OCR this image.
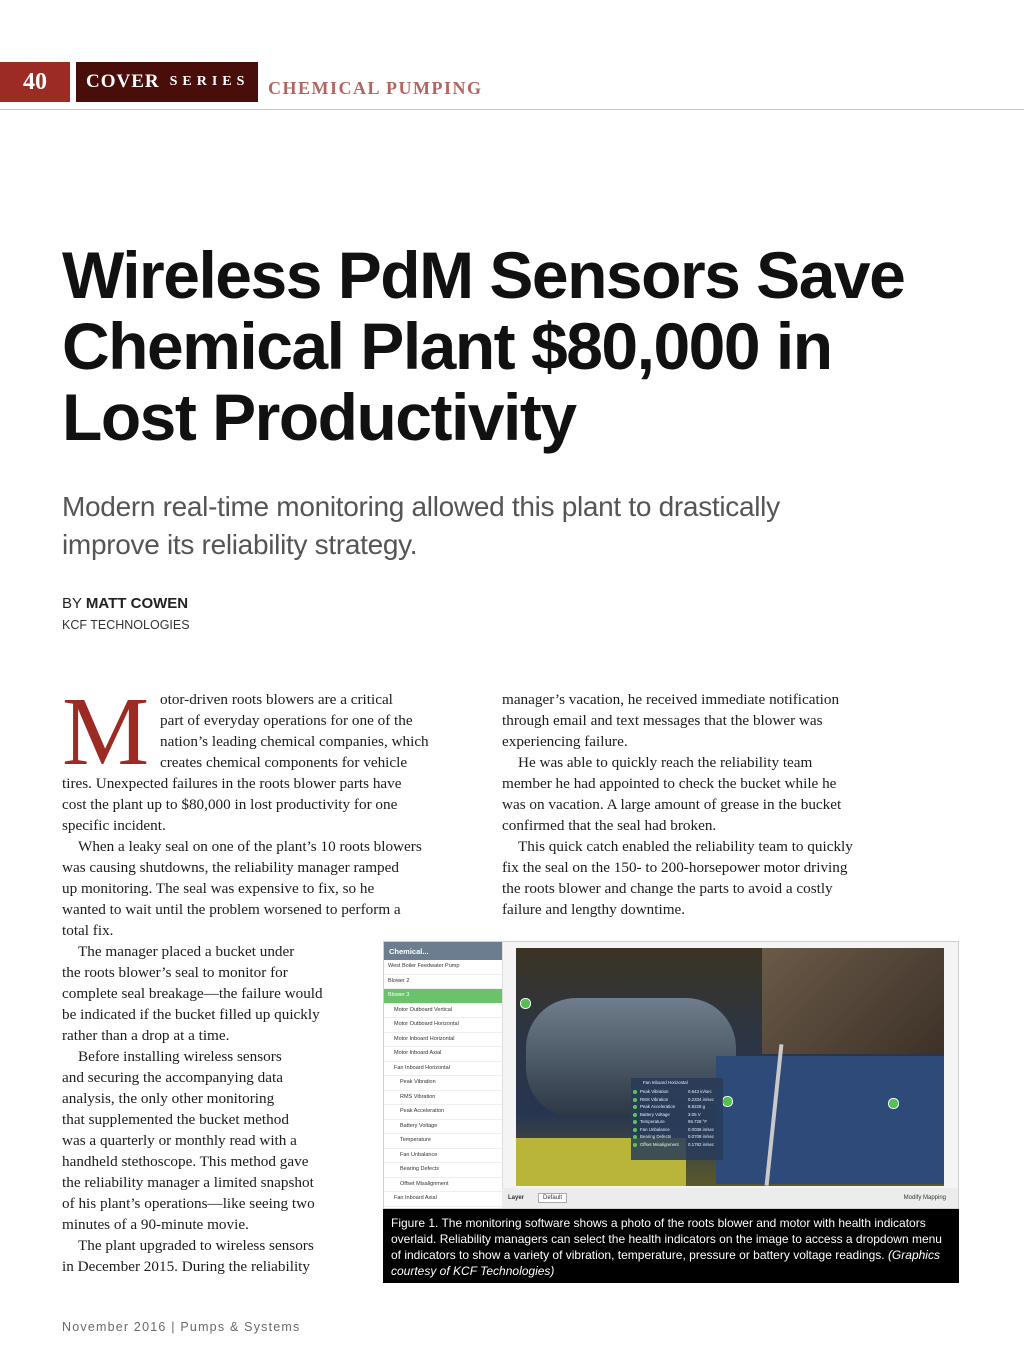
40	COVER SERIES CHEMICAL PUMPING
Wireless PdM Sensors Save
Chemical Plant $80,000 in
Lost Productivity
Modern real-time monitoring allowed this plant to drastically improve its reliability strategy.
BY MATT COWEN
KCF TECHNOLOGIES
M otor-driven roots blowers are a critical

part of everyday operations for one of the

nation’s leading chemical companies, which

creates chemical components for vehicle

tires. Unexpected failures in the roots blower parts have

cost the plant up to $80,000 in lost productivity for one

specific incident.

When a leaky seal on one of the plant’s 10 roots blowers

was causing shutdowns, the reliability manager ramped

up monitoring. The seal was expensive to fix, so he

wanted to wait until the problem worsened to perform a

total fix.

The manager placed a bucket under

the roots blower’s seal to monitor for

complete seal breakage—the failure would

be indicated if the bucket filled up quickly

rather than a drop at a time.

Before installing wireless sensors

and securing the accompanying data

analysis, the only other monitoring

that supplemented the bucket method

was a quarterly or monthly read with a

handheld stethoscope. This method gave

the reliability manager a limited snapshot

of his plant’s operations—like seeing two

minutes of a 90-minute movie.

The plant upgraded to wireless sensors

in December 2015. During the reliability

manager’s vacation, he received immediate notification

through email and text messages that the blower was

experiencing failure.

He was able to quickly reach the reliability team

member he had appointed to check the bucket while he

was on vacation. A large amount of grease in the bucket

confirmed that the seal had broken.

This quick catch enabled the reliability team to quickly

fix the seal on the 150- to 200-horsepower motor driving

the roots blower and change the parts to avoid a costly

failure and lengthy downtime.

Chemical...
West Boiler Feedwater Pump
Blower 2
Blower 3
Motor Outboard Vertical
Motor Outboard Horizontal
Motor Inboard Horizontal
Motor Inboard Axial
Fan Inboard Horizontal
Peak Vibration
RMS Vibration
Peak Acceleration
Battery Voltage
Temperature
Fan Unbalance
Bearing Defects
Offset Misalignment
Fan Inboard Axial
Fan Inboard Horizontal
Peak Vibration	0.643 in/sec
RMS Vibration	0.2334 in/sec
Peak Acceleration	8.8228 g
Battery Voltage	3.05 V
Temperature	96.728 °F
Fan Unbalance	0.0036 in/sec
Bearing Defects	0.0708 in/sec
Offset Misalignment	0.1782 in/sec
Layer	Default	Modify Mapping
Figure 1. The monitoring software shows a photo of the roots blower and motor with health indicators overlaid. Reliability managers can select the health indicators on the image to access a dropdown menu of indicators to show a variety of vibration, temperature, pressure or battery voltage readings. (Graphics courtesy of KCF Technologies)
November 2016 | Pumps & Systems
